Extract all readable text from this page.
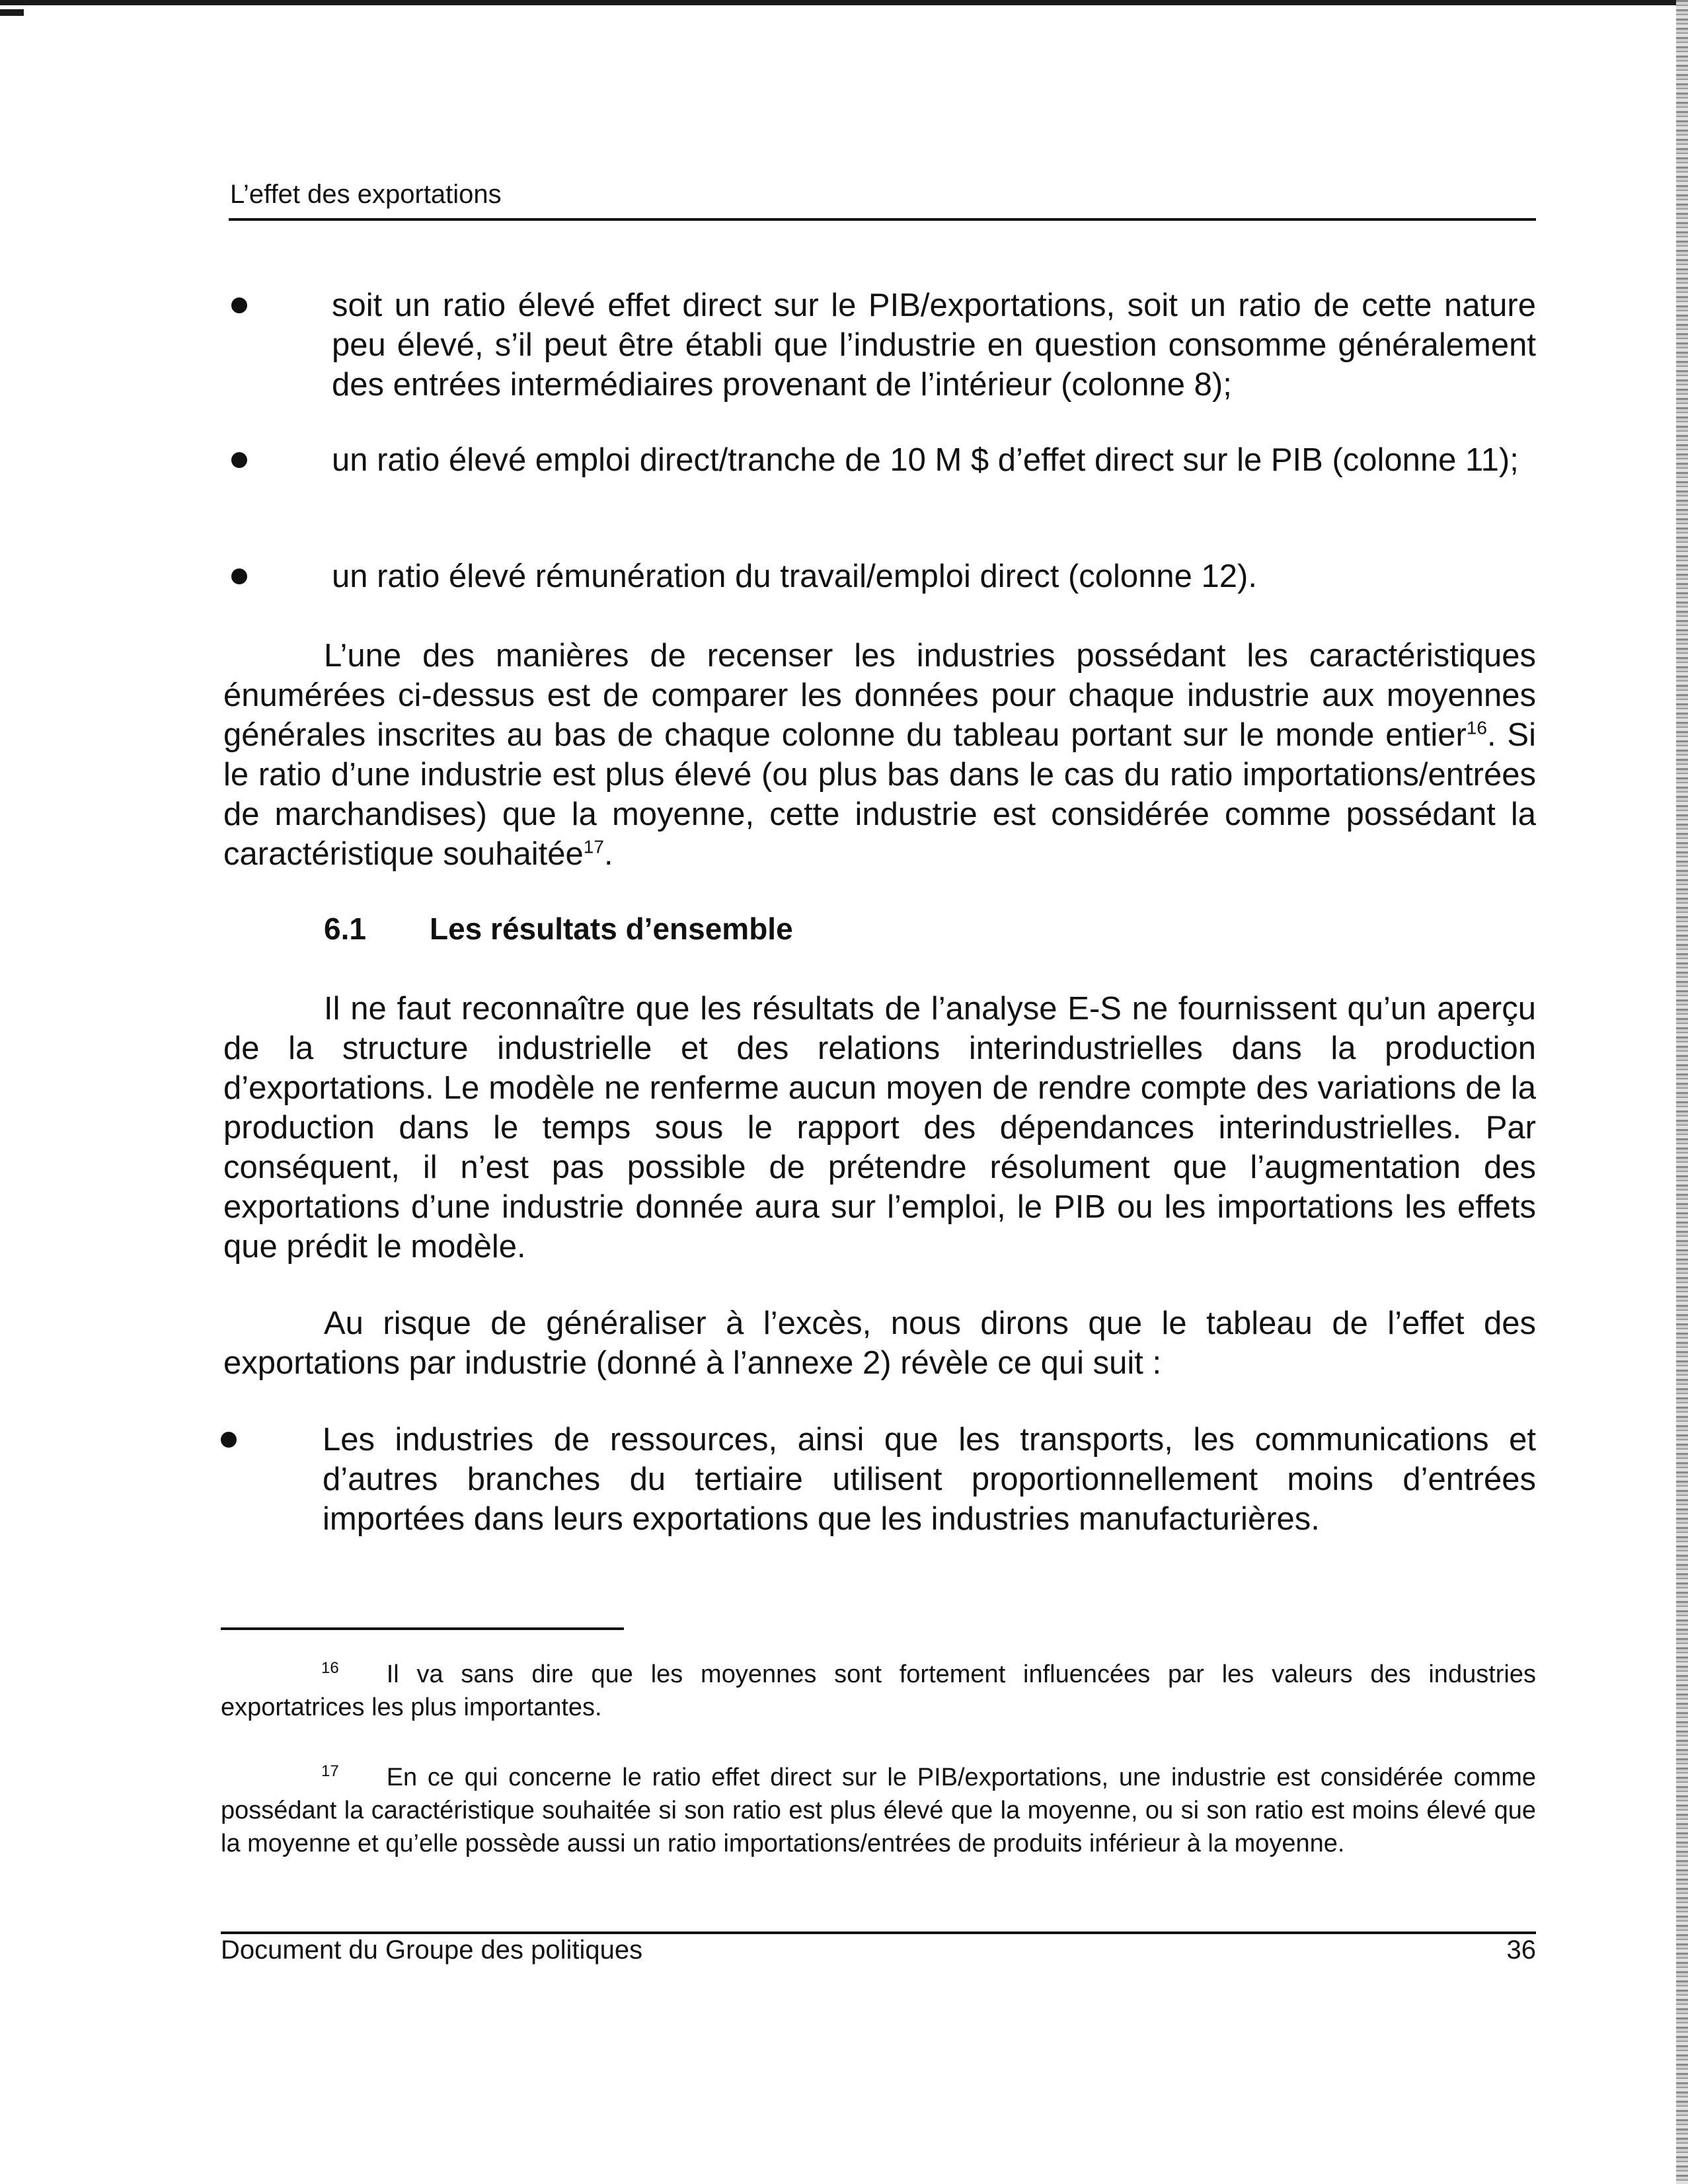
L’effet des exportations
soit un ratio élevé effet direct sur le PIB/exportations, soit un ratio de cette nature peu élevé, s’il peut être établi que l’industrie en question consomme généralement des entrées intermédiaires provenant de l’intérieur (colonne 8);
un ratio élevé emploi direct/tranche de 10 M $ d’effet direct sur le PIB (colonne 11);
un ratio élevé rémunération du travail/emploi direct (colonne 12).
L’une des manières de recenser les industries possédant les caractéristiques énumérées ci-dessus est de comparer les données pour chaque industrie aux moyennes générales inscrites au bas de chaque colonne du tableau portant sur le monde entier$^{16}$. Si le ratio d’une industrie est plus élevé (ou plus bas dans le cas du ratio importations/entrées de marchandises) que la moyenne, cette industrie est considérée comme possédant la caractéristique souhaitée$^{17}$.
6.1 Les résultats d’ensemble
Il ne faut reconnaître que les résultats de l’analyse E-S ne fournissent qu’un aperçu de la structure industrielle et des relations interindustrielles dans la production d’exportations. Le modèle ne renferme aucun moyen de rendre compte des variations de la production dans le temps sous le rapport des dépendances interindustrielles. Par conséquent, il n’est pas possible de prétendre résolument que l’augmentation des exportations d’une industrie donnée aura sur l’emploi, le PIB ou les importations les effets que prédit le modèle.
Au risque de généraliser à l’excès, nous dirons que le tableau de l’effet des exportations par industrie (donné à l’annexe 2) révèle ce qui suit :
Les industries de ressources, ainsi que les transports, les communications et d’autres branches du tertiaire utilisent proportionnellement moins d’entrées importées dans leurs exportations que les industries manufacturières.
$^{16}$ Il va sans dire que les moyennes sont fortement influencées par les valeurs des industries exportatrices les plus importantes.
$^{17}$ En ce qui concerne le ratio effet direct sur le PIB/exportations, une industrie est considérée comme possédant la caractéristique souhaitée si son ratio est plus élevé que la moyenne, ou si son ratio est moins élevé que la moyenne et qu’elle possède aussi un ratio importations/entrées de produits inférieur à la moyenne.
Document du Groupe des politiques	36
